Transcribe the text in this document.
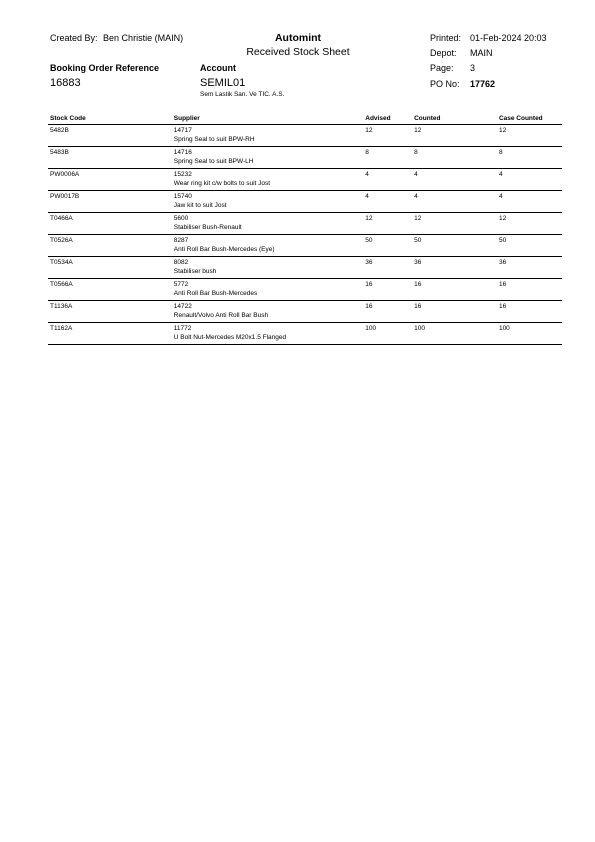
Created By: Ben Christie (MAIN)	Automint
Received Stock Sheet
Printed: 01-Feb-2024 20:03
Depot: MAIN
Page: 3
Booking Order Reference
16883
Account
SEMIL01
Sem Lastik San. Ve TIC. A.S.
PO No: 17762
Stock Code	Supplier	Advised	Counted	Case Counted

5482B	14717
Spring Seal to suit BPW-RH	12	12	12

5483B	14716
Spring Seal to suit BPW-LH	8	8	8

PW0006A	15232
Wear ring kit c/w bolts to suit Jost	4	4	4

PW0017B	15740
Jaw kit to suit Jost	4	4	4

T0466A	5600
Stabiliser Bush-Renault	12	12	12

T0526A	8287
Anti Roll Bar Bush-Mercedes (Eye)	50	50	50

T0534A	8082
Stabiliser bush	36	36	36

T0566A	5772
Anti Roll Bar Bush-Mercedes	16	16	16

T1136A	14722
Renault/Volvo Anti Roll Bar Bush	16	16	16

T1162A	11772
U Bolt Nut-Mercedes M20x1.5 Flanged	100	100	100
